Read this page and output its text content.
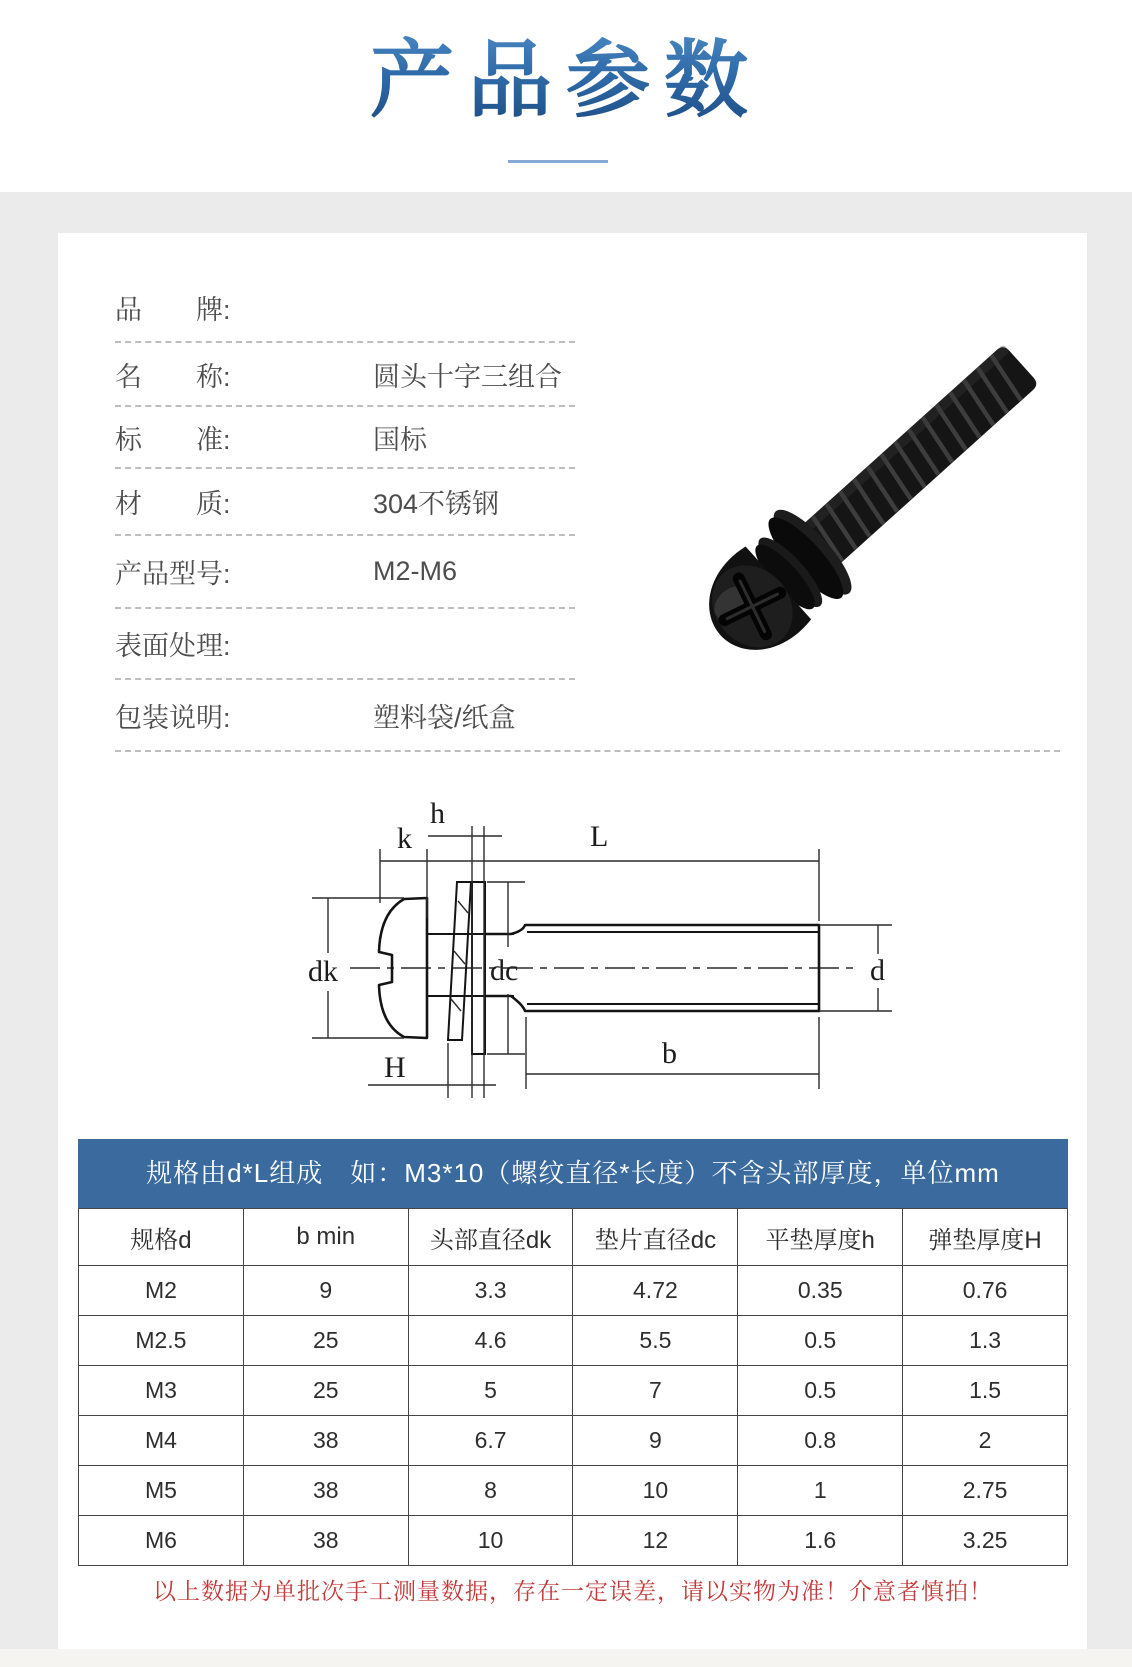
产品参数
品　　牌:
名　　称:	圆头十字三组合
标　　准:	国标
材　　质:	304不锈钢
产品型号:	M2-M6
表面处理:
包装说明:	塑料袋/纸盒
k	L
h
dk	dc	d
b
H
规格由d*L组成　如：M3*10（螺纹直径*长度）不含头部厚度，单位mm
规格d	b min	头部直径dk	垫片直径dc	平垫厚度h	弹垫厚度H
M2	9	3.3	4.72	0.35	0.76
M2.5	25	4.6	5.5	0.5	1.3
M3	25	5	7	0.5	1.5
M4	38	6.7	9	0.8	2
M5	38	8	10	1	2.75
M6	38	10	12	1.6	3.25
以上数据为单批次手工测量数据，存在一定误差，请以实物为准！介意者慎拍！
